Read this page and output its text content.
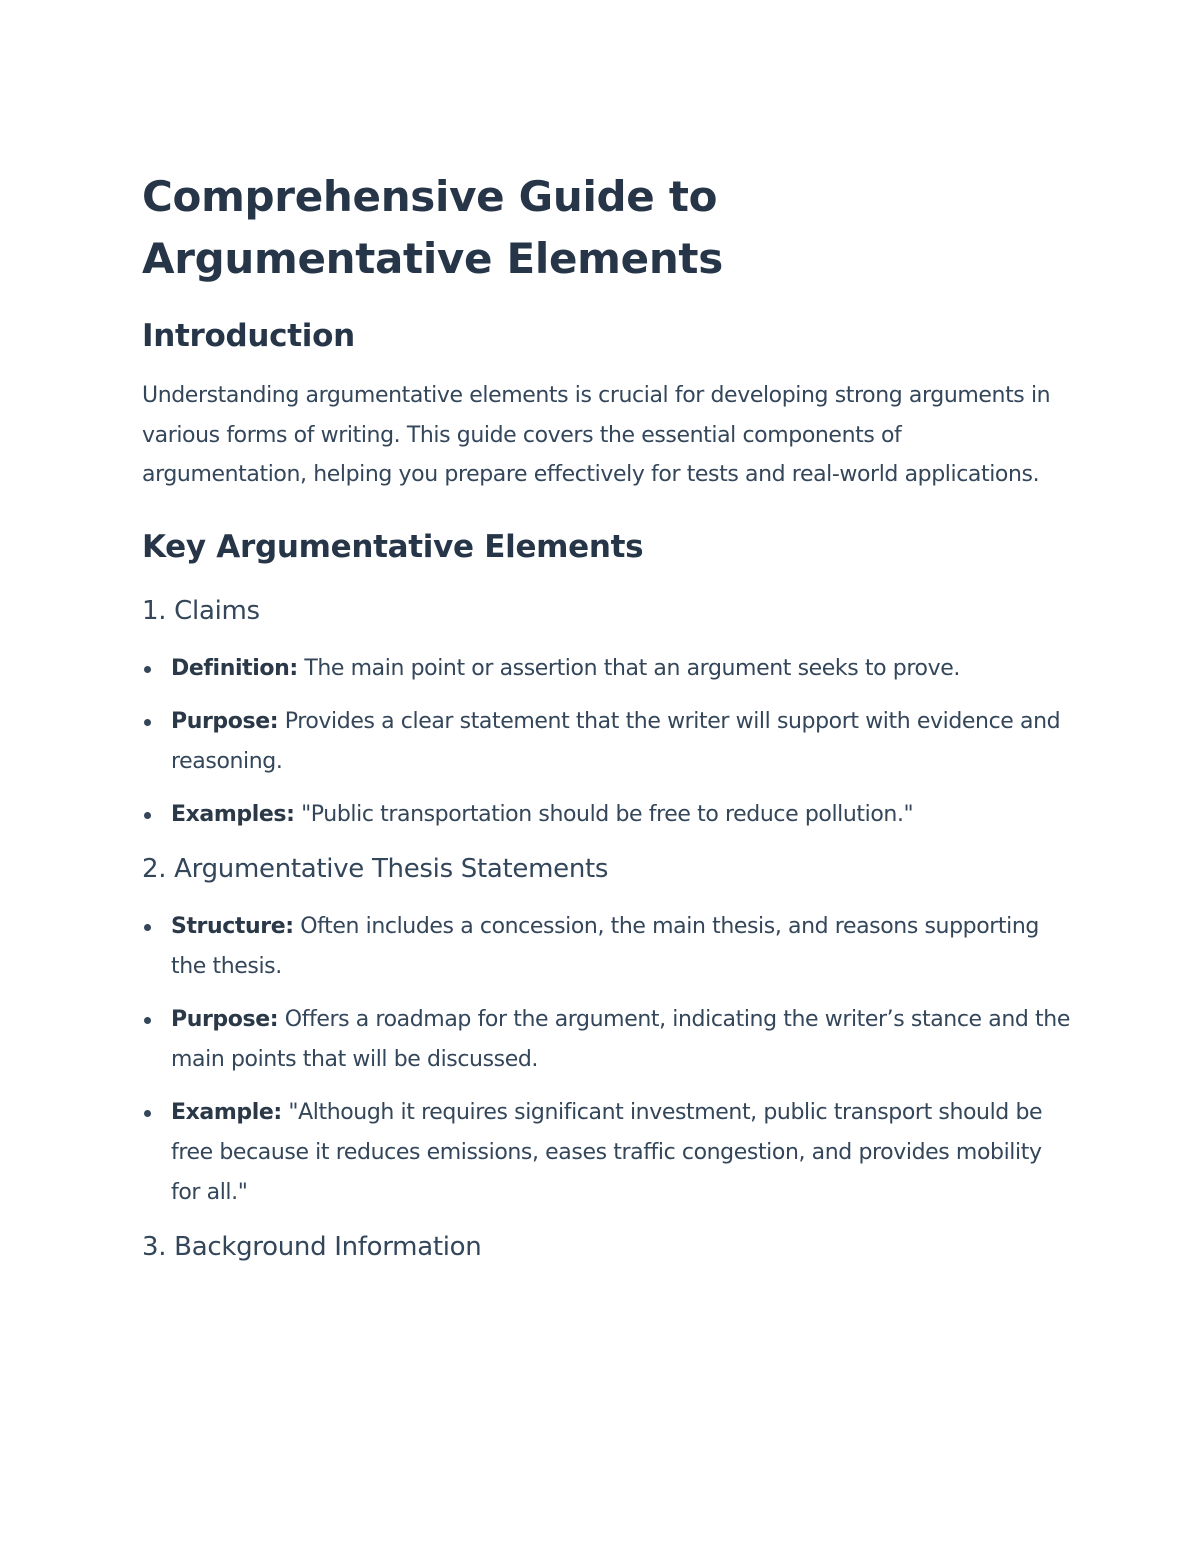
Comprehensive Guide to
Argumentative Elements
Introduction

Understanding argumentative elements is crucial for developing strong arguments in various forms of writing. This guide covers the essential components of argumentation, helping you prepare effectively for tests and real-world applications.

Key Argumentative Elements
1. Claims
Definition: The main point or assertion that an argument seeks to prove.
Purpose: Provides a clear statement that the writer will support with evidence and reasoning.
Examples: "Public transportation should be free to reduce pollution."
2. Argumentative Thesis Statements
Structure: Often includes a concession, the main thesis, and reasons supporting the thesis.
Purpose: Offers a roadmap for the argument, indicating the writer’s stance and the main points that will be discussed.
Example: "Although it requires significant investment, public transport should be free because it reduces emissions, eases traffic congestion, and provides mobility for all."
3. Background Information
